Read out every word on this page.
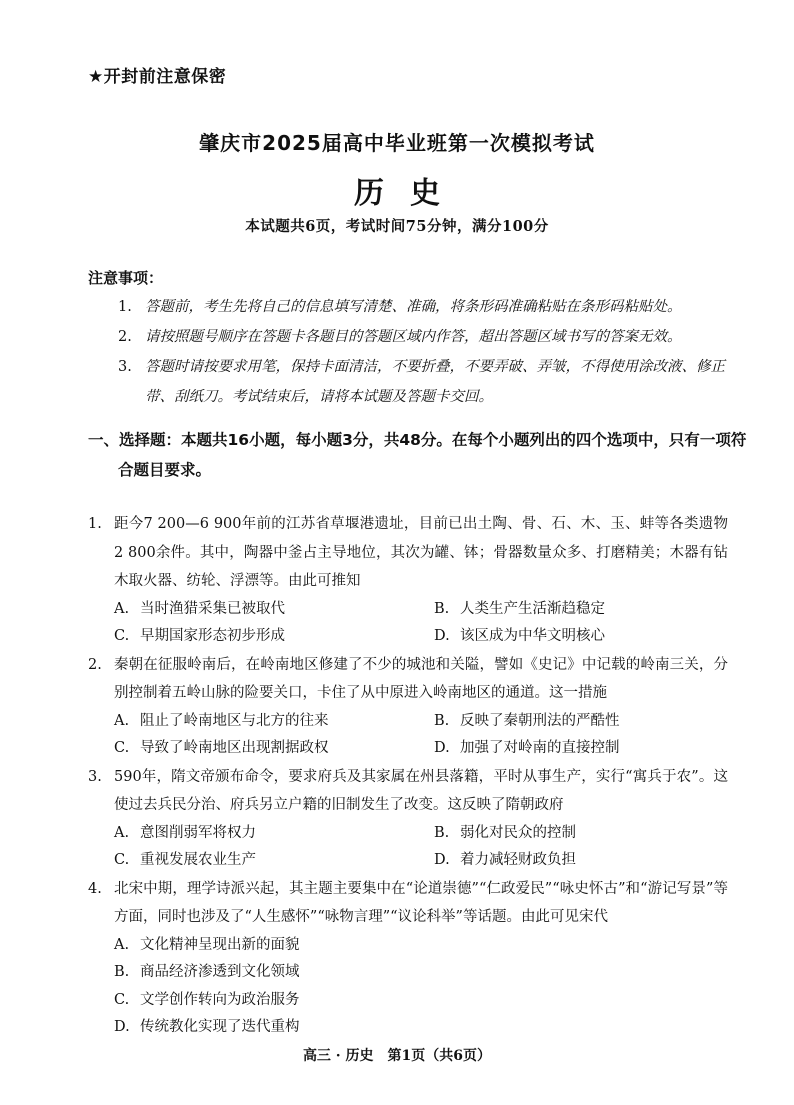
★开封前注意保密
肇庆市2025届高中毕业班第一次模拟考试
历史
本试题共6页，考试时间75分钟，满分100分
注意事项：
1. 答题前，考生先将自己的信息填写清楚、准确，将条形码准确粘贴在条形码粘贴处。
2. 请按照题号顺序在答题卡各题目的答题区域内作答，超出答题区域书写的答案无效。
3. 答题时请按要求用笔，保持卡面清洁，不要折叠，不要弄破、弄皱，不得使用涂改液、修正带、刮纸刀。考试结束后，请将本试题及答题卡交回。
一、选择题：本题共16小题，每小题3分，共48分。在每个小题列出的四个选项中，只有一项符合题目要求。
1. 距今7 200—6 900年前的江苏省草堰港遗址，目前已出土陶、骨、石、木、玉、蚌等各类遗物2 800余件。其中，陶器中釜占主导地位，其次为罐、钵；骨器数量众多、打磨精美；木器有钻木取火器、纺轮、浮漂等。由此可推知
A. 当时渔猎采集已被取代	B. 人类生产生活渐趋稳定
C. 早期国家形态初步形成	D. 该区成为中华文明核心
2. 秦朝在征服岭南后，在岭南地区修建了不少的城池和关隘，譬如《史记》中记载的岭南三关，分别控制着五岭山脉的险要关口，卡住了从中原进入岭南地区的通道。这一措施
A. 阻止了岭南地区与北方的往来	B. 反映了秦朝刑法的严酷性
C. 导致了岭南地区出现割据政权	D. 加强了对岭南的直接控制
3. 590年，隋文帝颁布命令，要求府兵及其家属在州县落籍，平时从事生产，实行“寓兵于农”。这使过去兵民分治、府兵另立户籍的旧制发生了改变。这反映了隋朝政府
A. 意图削弱军将权力	B. 弱化对民众的控制
C. 重视发展农业生产	D. 着力减轻财政负担
4. 北宋中期，理学诗派兴起，其主题主要集中在“论道崇德”“仁政爱民”“咏史怀古”和“游记写景”等方面，同时也涉及了“人生感怀”“咏物言理”“议论科举”等话题。由此可见宋代
A. 文化精神呈现出新的面貌
B. 商品经济渗透到文化领域
C. 文学创作转向为政治服务
D. 传统教化实现了迭代重构
高三 · 历史　第1页（共6页）
